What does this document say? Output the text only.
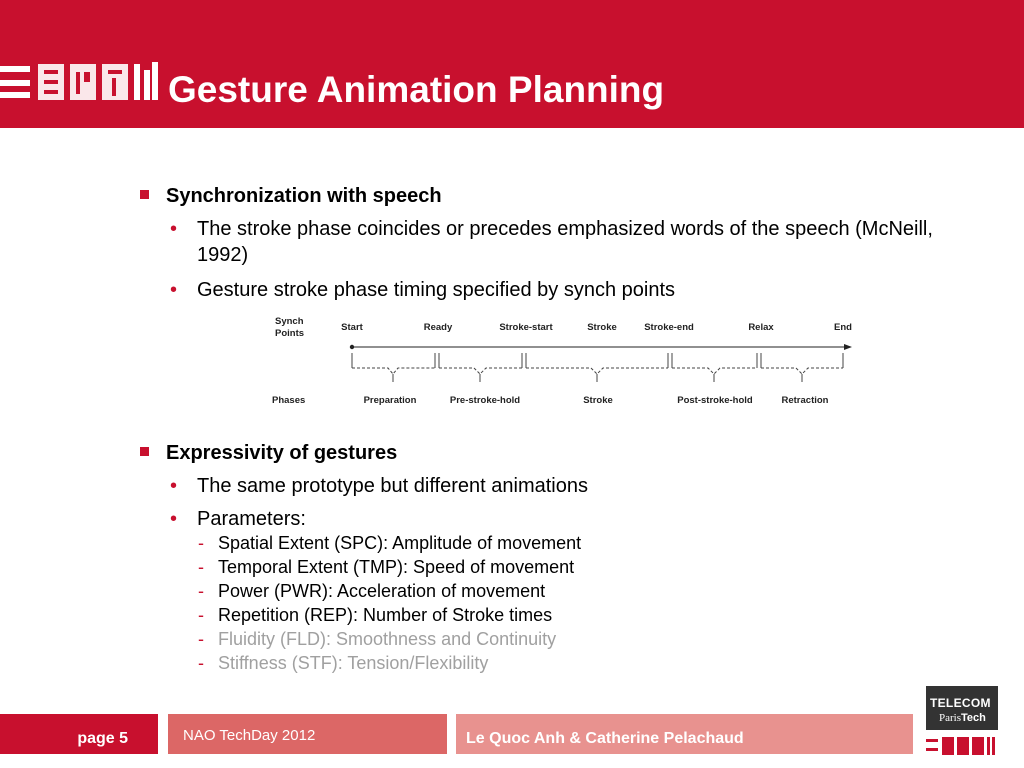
Gesture Animation Planning
Synchronization with speech
• The stroke phase coincides or precedes emphasized words of the speech (McNeill, 1992)
• Gesture stroke phase timing specified by synch points
Synch
Points
Start	Ready	Stroke-start	Stroke	Stroke-end	Relax	End
Phases	Preparation	Pre-stroke-hold	Stroke	Post-stroke-hold	Retraction
Expressivity of gestures
• The same prototype but different animations
• Parameters:
- Spatial Extent (SPC): Amplitude of movement
- Temporal Extent (TMP): Speed of movement
- Power (PWR): Acceleration of movement
- Repetition (REP): Number of Stroke times
- Fluidity (FLD): Smoothness and Continuity
- Stiffness (STF): Tension/Flexibility
page 5	NAO TechDay 2012	Le Quoc Anh & Catherine Pelachaud
TELECOM
ParisTech
